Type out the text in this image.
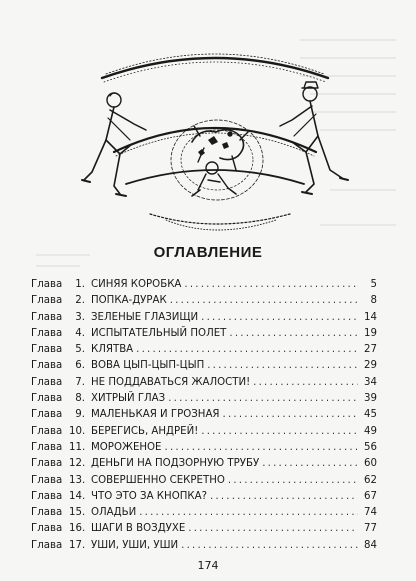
ОГЛАВЛЕНИЕ
Глава	1. СИНЯЯ КОРОБКА .....	5
Глава	2. ПОПКА-ДУРАК .....	8
Глава	3. ЗЕЛЕНЫЕ ГЛАЗИЩИ .....	14
Глава	4. ИСПЫТАТЕЛЬНЫЙ ПОЛЕТ .....	19
Глава	5. КЛЯТВА .....	27
Глава	6. ВОВА ЦЫП-ЦЫП-ЦЫП .....	29
Глава	7. НЕ ПОДДАВАТЬСЯ ЖАЛОСТИ! .....	34
Глава	8. ХИТРЫЙ ГЛАЗ .....	39
Глава	9. МАЛЕНЬКАЯ И ГРОЗНАЯ .....	45
Глава 10. БЕРЕГИСЬ, АНДРЕЙ! .....	49
Глава 11. МОРОЖЕНОЕ .....	56
Глава 12. ДЕНЬГИ НА ПОДЗОРНУЮ ТРУБУ .....	60
Глава 13. СОВЕРШЕННО СЕКРЕТНО .....	62
Глава 14. ЧТО ЭТО ЗА КНОПКА? .....	67
Глава 15. ОЛАДЬИ .....	74
Глава 16. ШАГИ В ВОЗДУХЕ .....	77
Глава 17. УШИ, УШИ, УШИ .....	84
174
